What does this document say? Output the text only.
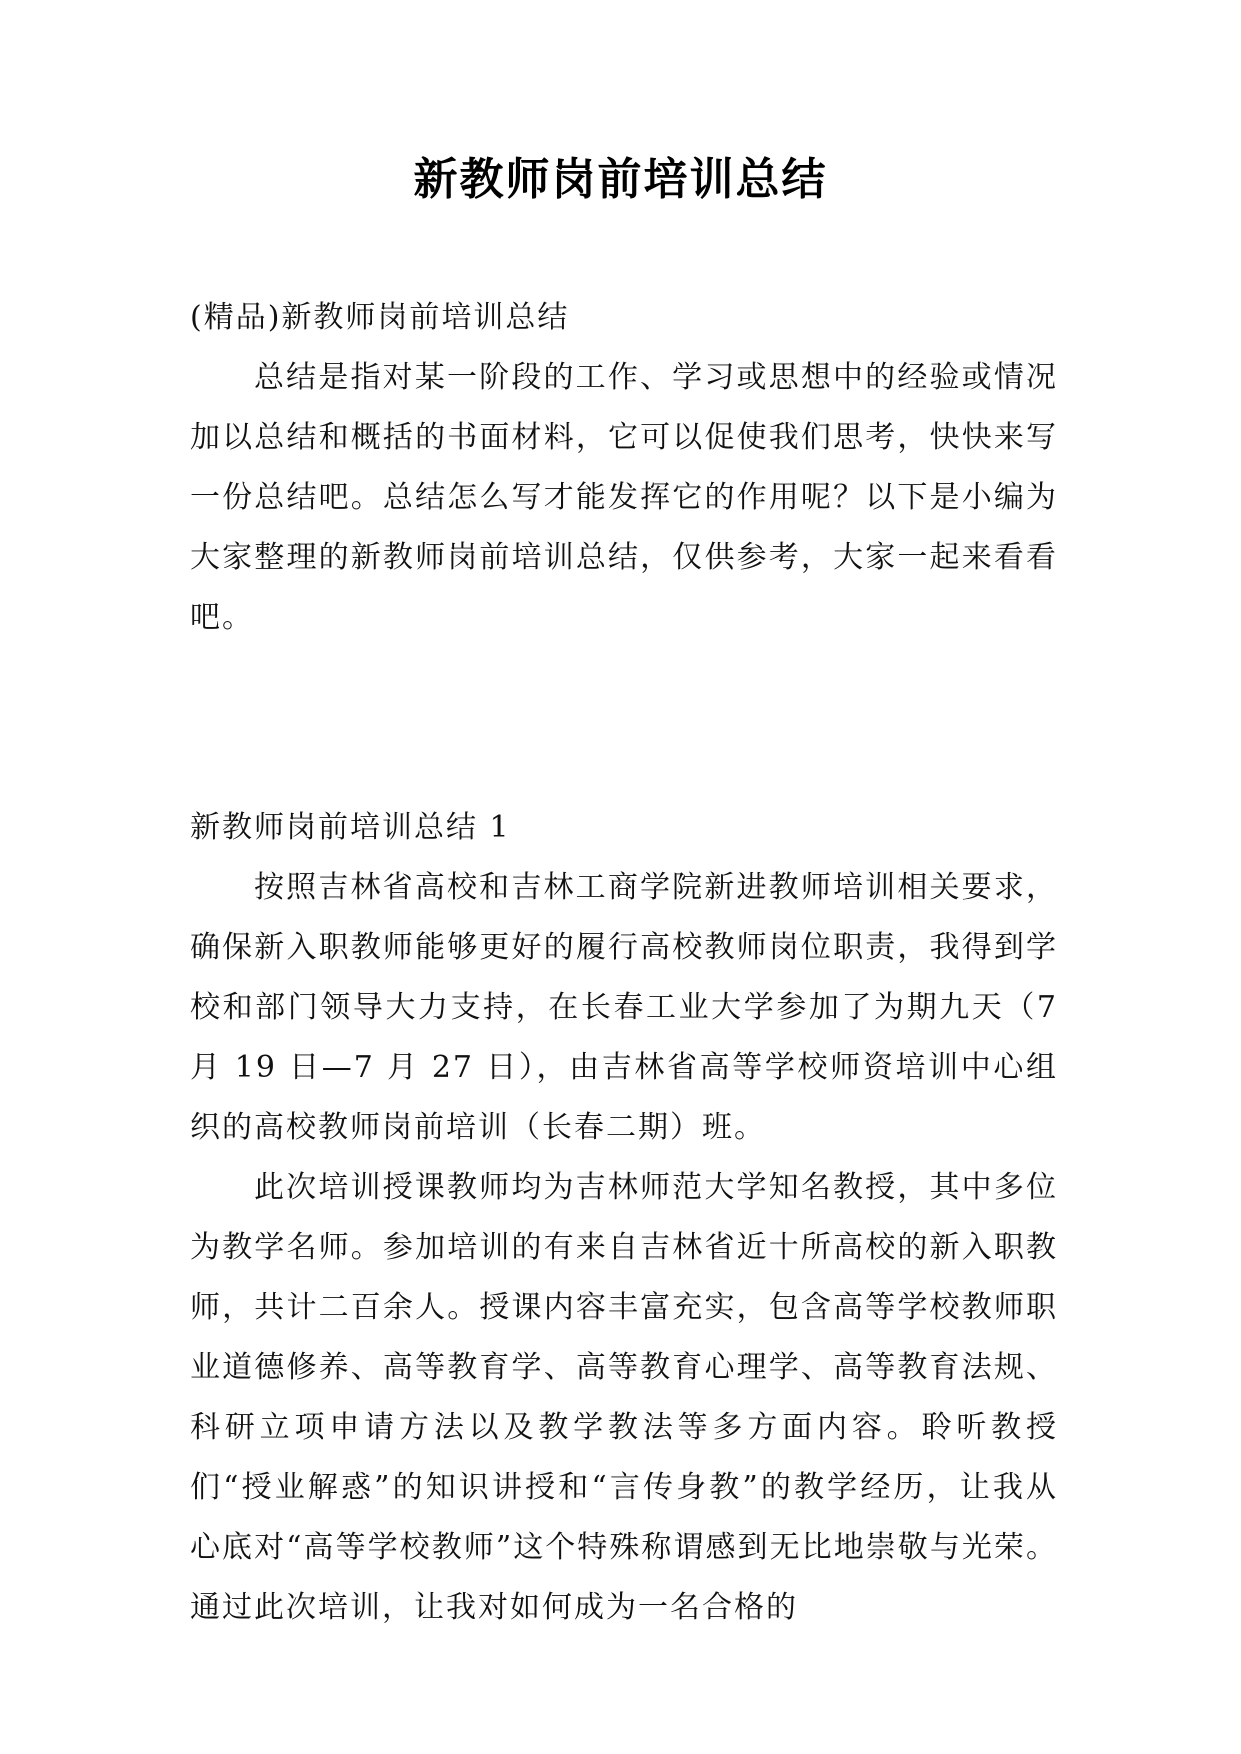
新教师岗前培训总结

(精品)新教师岗前培训总结

总结是指对某一阶段的工作、学习或思想中的经验或情况加以总结和概括的书面材料，它可以促使我们思考，快快来写一份总结吧。总结怎么写才能发挥它的作用呢？以下是小编为大家整理的新教师岗前培训总结，仅供参考，大家一起来看看吧。

新教师岗前培训总结 1

按照吉林省高校和吉林工商学院新进教师培训相关要求，确保新入职教师能够更好的履行高校教师岗位职责，我得到学校和部门领导大力支持，在长春工业大学参加了为期九天（7 月 19 日—7 月 27 日），由吉林省高等学校师资培训中心组织的高校教师岗前培训（长春二期）班。

此次培训授课教师均为吉林师范大学知名教授，其中多位为教学名师。参加培训的有来自吉林省近十所高校的新入职教师，共计二百余人。授课内容丰富充实，包含高等学校教师职业道德修养、高等教育学、高等教育心理学、高等教育法规、科研立项申请方法以及教学教法等多方面内容。聆听教授们“授业解惑”的知识讲授和“言传身教”的教学经历，让我从心底对“高等学校教师”这个特殊称谓感到无比地崇敬与光荣。通过此次培训，让我对如何成为一名合格的
